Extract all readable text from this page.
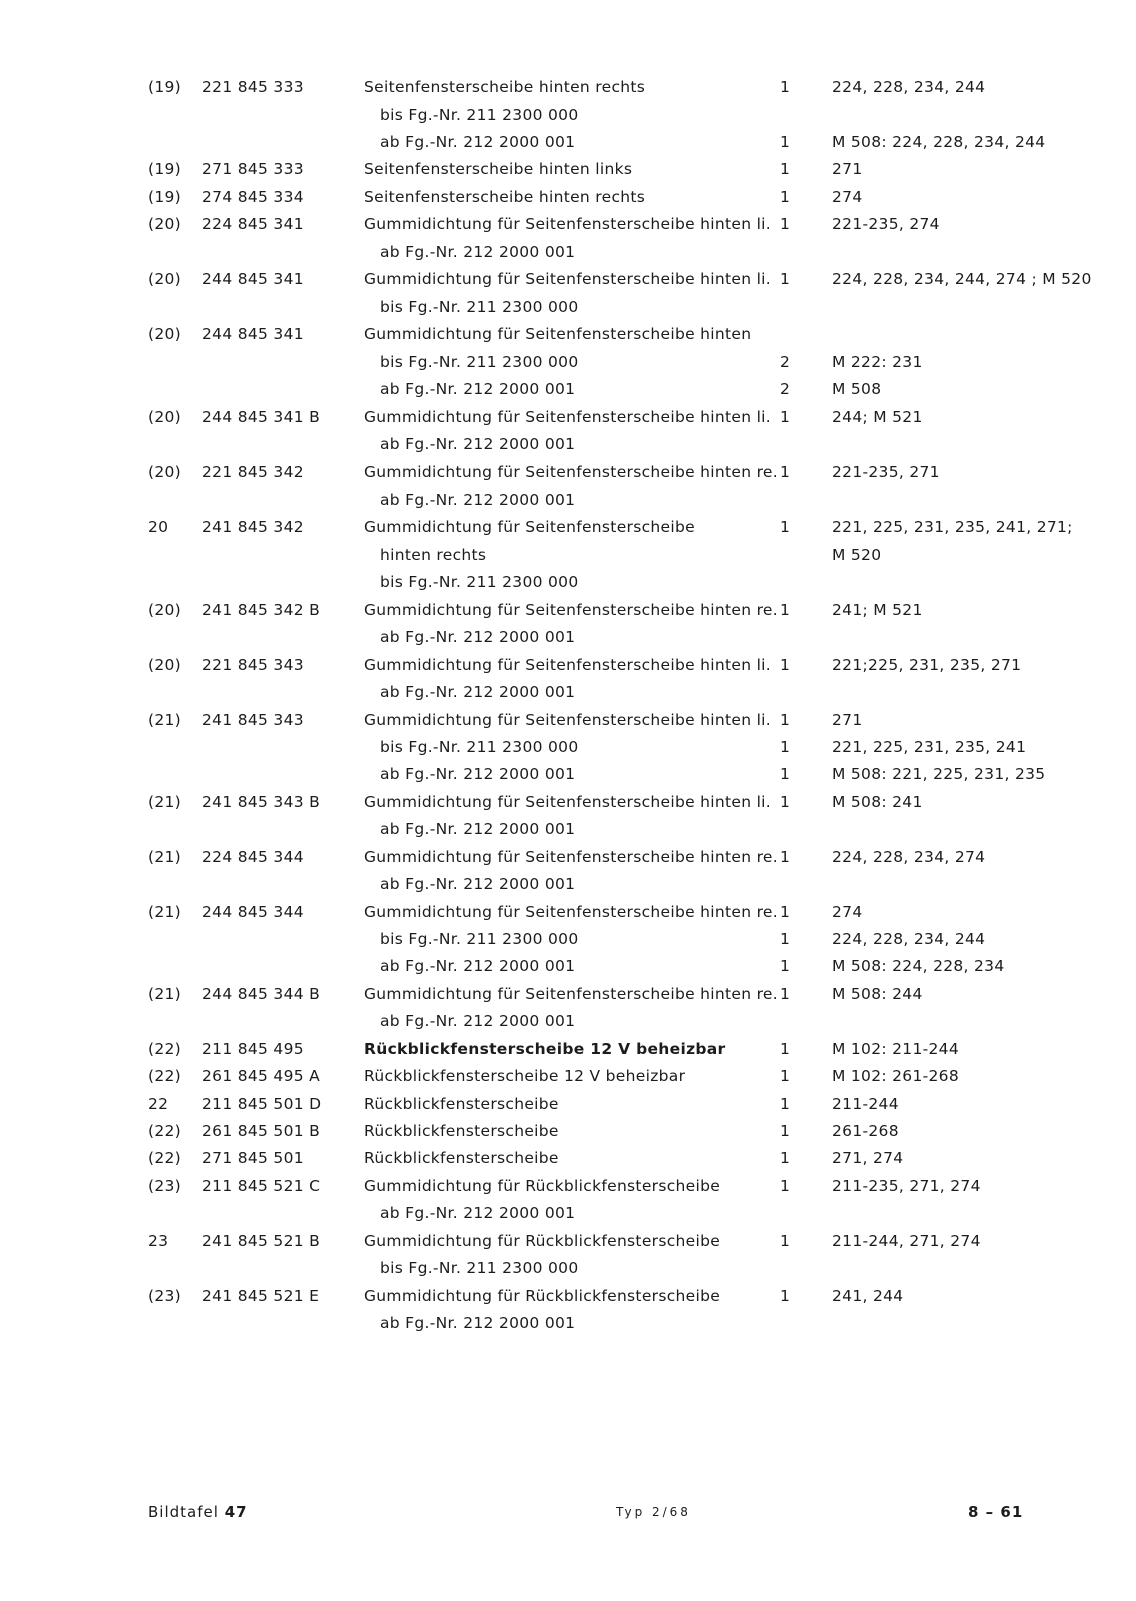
(19) 221 845 333	Seitenfensterscheibe hinten rechts	1	224, 228, 234, 244
bis Fg.-Nr. 211 2300 000
ab Fg.-Nr. 212 2000 001	1	M 508: 224, 228, 234, 244
(19) 271 845 333	Seitenfensterscheibe hinten links	1	271
(19) 274 845 334	Seitenfensterscheibe hinten rechts	1	274
(20) 224 845 341	Gummidichtung für Seitenfensterscheibe hinten li. 1	221-235, 274
ab Fg.-Nr. 212 2000 001
(20) 244 845 341	Gummidichtung für Seitenfensterscheibe hinten li. 1	224, 228, 234, 244, 274 ; M 520
bis Fg.-Nr. 211 2300 000
(20) 244 845 341	Gummidichtung für Seitenfensterscheibe hinten
bis Fg.-Nr. 211 2300 000	2	M 222: 231
ab Fg.-Nr. 212 2000 001	2	M 508
(20) 244 845 341 B	Gummidichtung für Seitenfensterscheibe hinten li. 1	244; M 521
ab Fg.-Nr. 212 2000 001
(20) 221 845 342	Gummidichtung für Seitenfensterscheibe hinten re. 1	221-235, 271
ab Fg.-Nr. 212 2000 001
20 241 845 342	Gummidichtung für Seitenfensterscheibe	1	221, 225, 231, 235, 241, 271;
hinten rechts	M 520
bis Fg.-Nr. 211 2300 000
(20) 241 845 342 B	Gummidichtung für Seitenfensterscheibe hinten re. 1	241; M 521
ab Fg.-Nr. 212 2000 001
(20) 221 845 343	Gummidichtung für Seitenfensterscheibe hinten li. 1	221;225, 231, 235, 271
ab Fg.-Nr. 212 2000 001
(21) 241 845 343	Gummidichtung für Seitenfensterscheibe hinten li. 1	271
bis Fg.-Nr. 211 2300 000	1	221, 225, 231, 235, 241
ab Fg.-Nr. 212 2000 001	1	M 508: 221, 225, 231, 235
(21) 241 845 343 B	Gummidichtung für Seitenfensterscheibe hinten li. 1	M 508: 241
ab Fg.-Nr. 212 2000 001
(21) 224 845 344	Gummidichtung für Seitenfensterscheibe hinten re. 1	224, 228, 234, 274
ab Fg.-Nr. 212 2000 001
(21) 244 845 344	Gummidichtung für Seitenfensterscheibe hinten re. 1	274
bis Fg.-Nr. 211 2300 000	1	224, 228, 234, 244
ab Fg.-Nr. 212 2000 001	1	M 508: 224, 228, 234
(21) 244 845 344 B	Gummidichtung für Seitenfensterscheibe hinten re. 1	M 508: 244
ab Fg.-Nr. 212 2000 001
(22) 211 845 495	Rückblickfensterscheibe 12 V beheizbar	1	M 102: 211-244
(22) 261 845 495 A	Rückblickfensterscheibe 12 V beheizbar	1	M 102: 261-268
22 211 845 501 D	Rückblickfensterscheibe	1	211-244
(22) 261 845 501 B	Rückblickfensterscheibe	1	261-268
(22) 271 845 501	Rückblickfensterscheibe	1	271, 274
(23) 211 845 521 C	Gummidichtung für Rückblickfensterscheibe	1	211-235, 271, 274
ab Fg.-Nr. 212 2000 001
23 241 845 521 B	Gummidichtung für Rückblickfensterscheibe	1	211-244, 271, 274
bis Fg.-Nr. 211 2300 000
(23) 241 845 521 E	Gummidichtung für Rückblickfensterscheibe	1	241, 244
ab Fg.-Nr. 212 2000 001
Bildtafel 47	Typ 2/68	8 – 61
